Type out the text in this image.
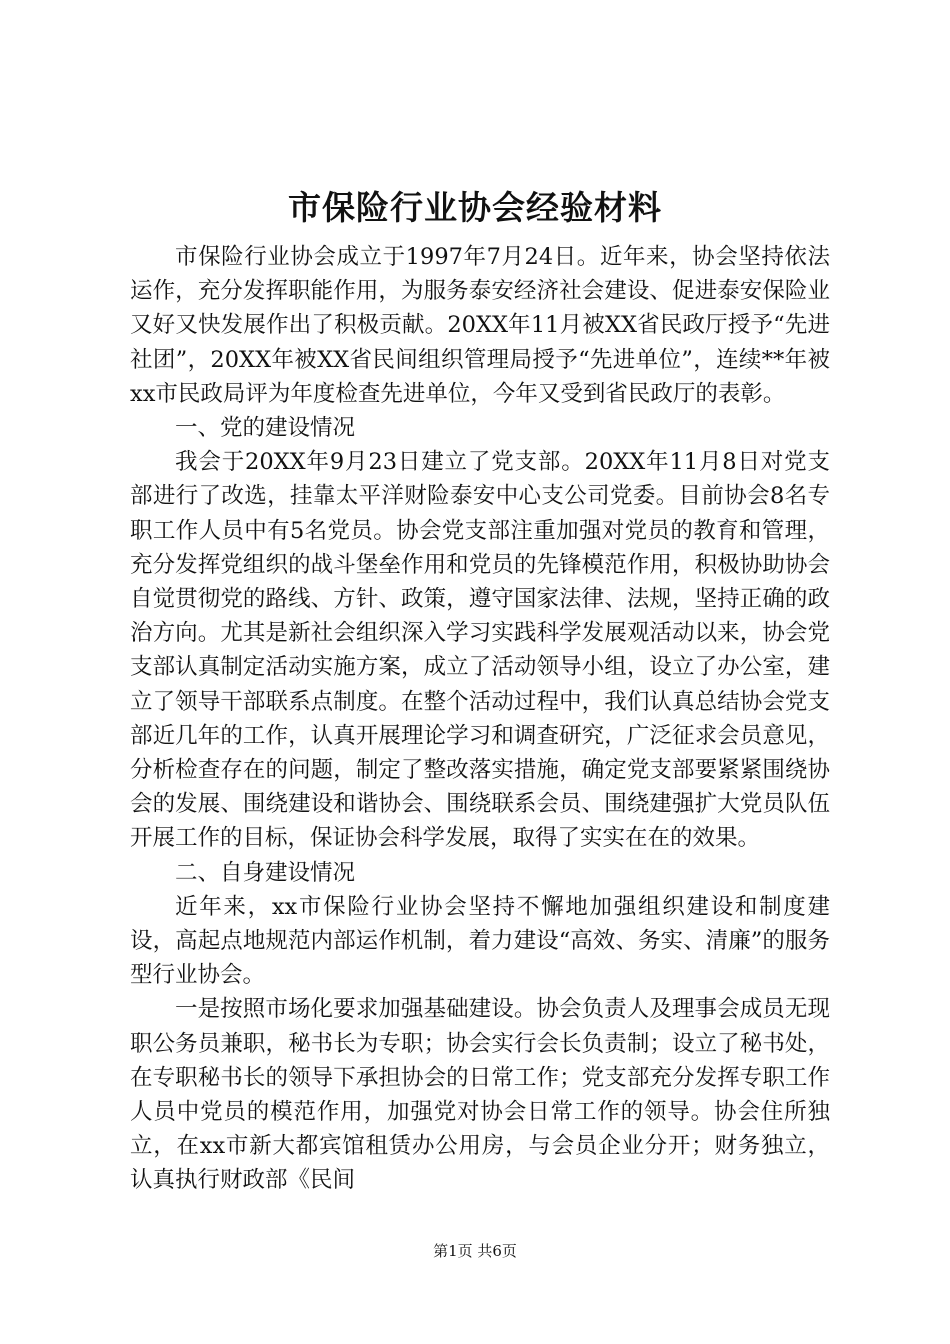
市保险行业协会经验材料

市保险行业协会成立于1997年7月24日。近年来，协会坚持依法运作，充分发挥职能作用，为服务泰安经济社会建设、促进泰安保险业又好又快发展作出了积极贡献。20XX年11月被XX省民政厅授予“先进社团”，20XX年被XX省民间组织管理局授予“先进单位”，连续**年被xx市民政局评为年度检查先进单位，今年又受到省民政厅的表彰。

一、党的建设情况

我会于20XX年9月23日建立了党支部。20XX年11月8日对党支部进行了改选，挂靠太平洋财险泰安中心支公司党委。目前协会8名专职工作人员中有5名党员。协会党支部注重加强对党员的教育和管理，充分发挥党组织的战斗堡垒作用和党员的先锋模范作用，积极协助协会自觉贯彻党的路线、方针、政策，遵守国家法律、法规，坚持正确的政治方向。尤其是新社会组织深入学习实践科学发展观活动以来，协会党支部认真制定活动实施方案，成立了活动领导小组，设立了办公室，建立了领导干部联系点制度。在整个活动过程中，我们认真总结协会党支部近几年的工作，认真开展理论学习和调查研究，广泛征求会员意见，分析检查存在的问题，制定了整改落实措施，确定党支部要紧紧围绕协会的发展、围绕建设和谐协会、围绕联系会员、围绕建强扩大党员队伍开展工作的目标，保证协会科学发展，取得了实实在在的效果。

二、自身建设情况

近年来，xx市保险行业协会坚持不懈地加强组织建设和制度建设，高起点地规范内部运作机制，着力建设“高效、务实、清廉”的服务型行业协会。

一是按照市场化要求加强基础建设。协会负责人及理事会成员无现职公务员兼职，秘书长为专职；协会实行会长负责制；设立了秘书处，在专职秘书长的领导下承担协会的日常工作；党支部充分发挥专职工作人员中党员的模范作用，加强党对协会日常工作的领导。协会住所独立，在xx市新大都宾馆租赁办公用房，与会员企业分开；财务独立，认真执行财政部《民间

第1页 共6页
